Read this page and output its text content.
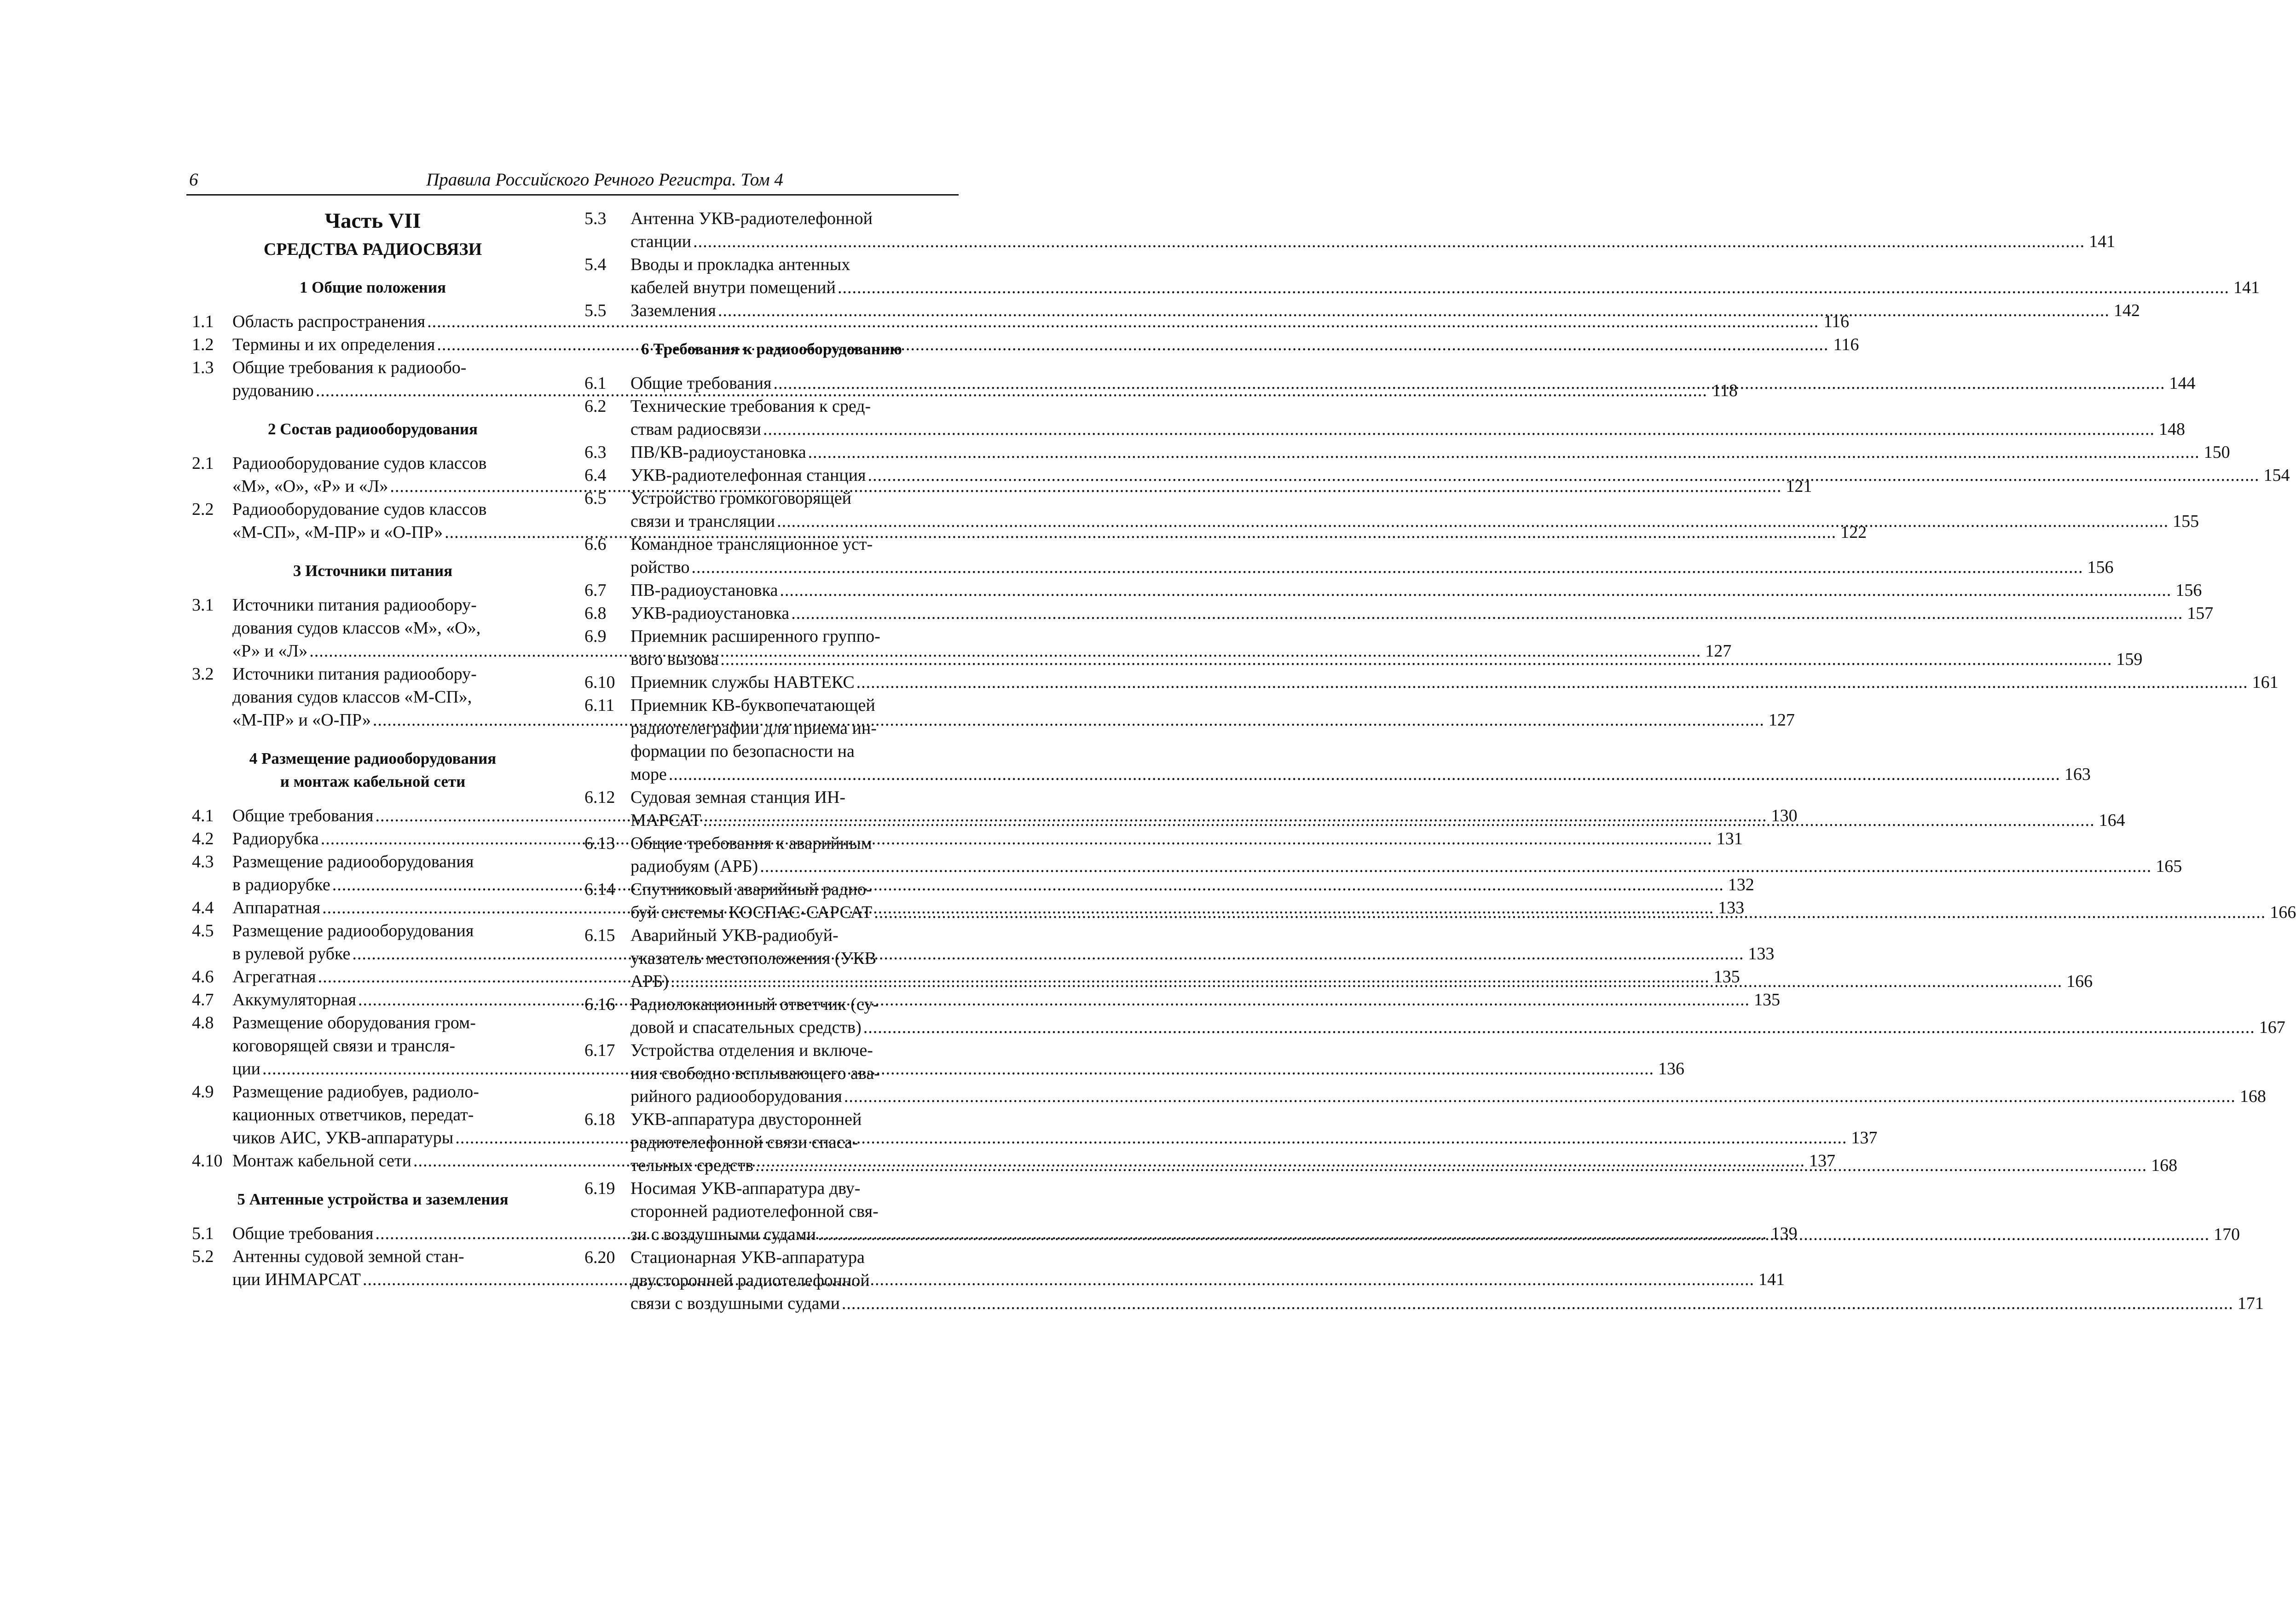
6	Правила Российского Речного Регистра. Том 4
Часть VII
СРЕДСТВА РАДИОСВЯЗИ
1 Общие положения
1.1	Область распространения .....	116
1.2	Термины и их определения .....	116
1.3	Общие требования к радиообо-
рудованию .....	118
2 Состав радиооборудования
2.1	Радиооборудование судов классов
«М», «О», «Р» и «Л» .....	121
2.2	Радиооборудование судов классов
«М-СП», «М-ПР» и «О-ПР» .....	122
3 Источники питания
3.1	Источники питания радиообору-
дования судов классов «М», «О»,
«Р» и «Л» .....	127
3.2	Источники питания радиообору-
дования судов классов «М-СП»,
«М-ПР» и «О-ПР» .....	127
4 Размещение радиооборудования
и монтаж кабельной сети
4.1	Общие требования .....	130
4.2	Радиорубка .....	131
4.3	Размещение радиооборудования
в радиорубке .....	132
4.4	Аппаратная .....	133
4.5	Размещение радиооборудования
в рулевой рубке .....	133
4.6	Агрегатная .....	135
4.7	Аккумуляторная .....	135
4.8	Размещение оборудования гром-
коговорящей связи и трансля-
ции .....	136
4.9	Размещение радиобуев, радиоло-
кационных ответчиков, передат-
чиков АИС, УКВ-аппаратуры .....	137
4.10 Монтаж кабельной сети .....	137
5 Антенные устройства и заземления
5.1	Общие требования .....	139
5.2	Антенны судовой земной стан-
ции ИНМАРСАТ .....	141
5.3	Антенна УКВ-радиотелефонной
станции .....	141
5.4	Вводы и прокладка антенных
кабелей внутри помещений .....	141
5.5	Заземления .....	142
6 Требования к радиооборудованию
6.1	Общие требования .....	144
6.2	Технические требования к сред-
ствам радиосвязи .....	148
6.3	ПВ/КВ-радиоустановка .....	150
6.4	УКВ-радиотелефонная станция .....	154
6.5	Устройство громкоговорящей
связи и трансляции .....	155
6.6	Командное трансляционное уст-
ройство .....	156
6.7	ПВ-радиоустановка .....	156
6.8	УКВ-радиоустановка .....	157
6.9	Приемник расширенного группо-
вого вызова .....	159
6.10 Приемник службы НАВТЕКС .....	161
6.11 Приемник КВ-буквопечатающей
радиотелеграфии для приема ин-
формации по безопасности на
море .....	163
6.12 Судовая земная станция ИН-
МАРСАТ .....	164
6.13 Общие требования к аварийным
радиобуям (АРБ) .....	165
6.14 Спутниковый аварийный радио-
буй системы КОСПАС-САРСАТ .....	166
6.15 Аварийный УКВ-радиобуй-
указатель местоположения (УКВ
АРБ) .....	166
6.16 Радиолокационный ответчик (су-
довой и спасательных средств) .....	167
6.17 Устройства отделения и включе-
ния свободно всплывающего ава-
рийного радиооборудования .....	168
6.18 УКВ-аппаратура двусторонней
радиотелефонной связи спаса-
тельных средств .....	168
6.19 Носимая УКВ-аппаратура дву-
сторонней радиотелефонной свя-
зи с воздушными судами .....	170
6.20 Стационарная УКВ-аппаратура
двусторонней радиотелефонной
связи с воздушными судами .....	171
